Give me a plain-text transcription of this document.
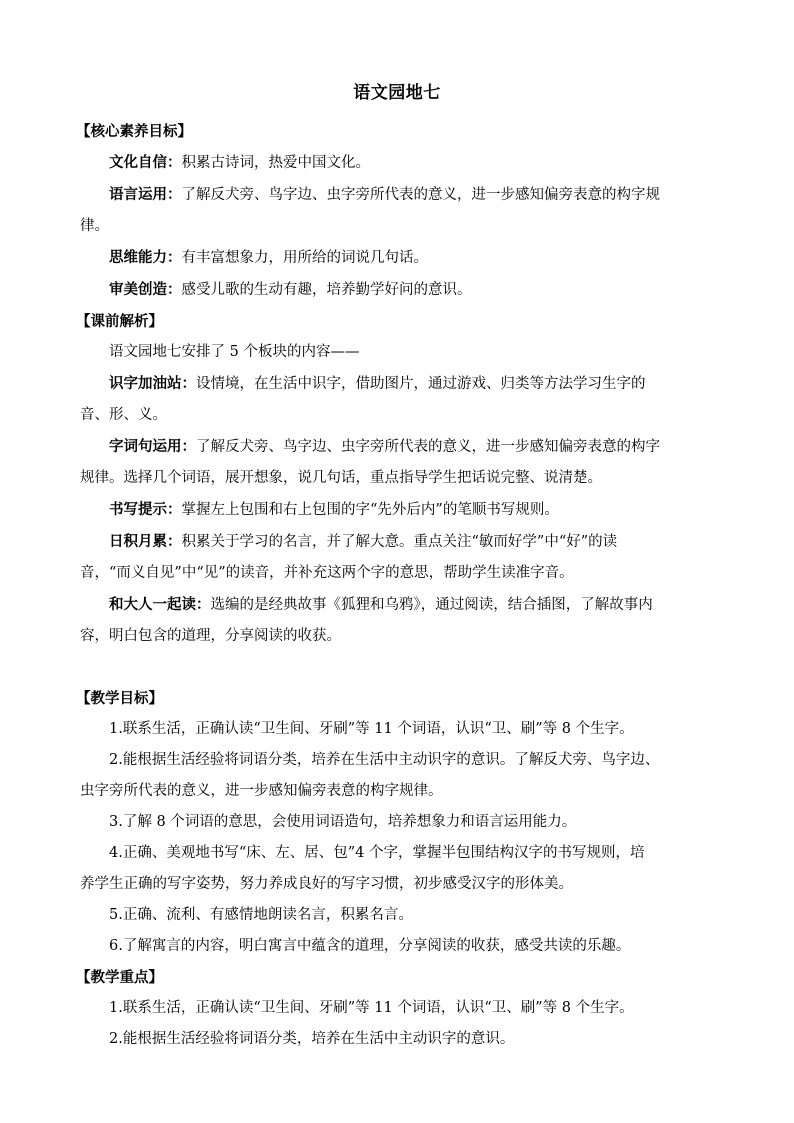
语文园地七

【核心素养目标】

文化自信：积累古诗词，热爱中国文化。

语言运用：了解反犬旁、鸟字边、虫字旁所代表的意义，进一步感知偏旁表意的构字规

律。

思维能力：有丰富想象力，用所给的词说几句话。

审美创造：感受儿歌的生动有趣，培养勤学好问的意识。

【课前解析】

语文园地七安排了 5 个板块的内容——

识字加油站：设情境，在生活中识字，借助图片，通过游戏、归类等方法学习生字的

音、形、义。

字词句运用：了解反犬旁、鸟字边、虫字旁所代表的意义，进一步感知偏旁表意的构字

规律。选择几个词语，展开想象，说几句话，重点指导学生把话说完整、说清楚。

书写提示：掌握左上包围和右上包围的字“先外后内”的笔顺书写规则。

日积月累：积累关于学习的名言，并了解大意。重点关注“敏而好学”中“好”的读

音，“而义自见”中“见”的读音，并补充这两个字的意思，帮助学生读准字音。

和大人一起读：选编的是经典故事《狐狸和乌鸦》，通过阅读，结合插图，了解故事内

容，明白包含的道理，分享阅读的收获。

【教学目标】

1.联系生活，正确认读“卫生间、牙刷”等 11 个词语，认识“卫、刷”等 8 个生字。

2.能根据生活经验将词语分类，培养在生活中主动识字的意识。了解反犬旁、鸟字边、

虫字旁所代表的意义，进一步感知偏旁表意的构字规律。

3.了解 8 个词语的意思，会使用词语造句，培养想象力和语言运用能力。

4.正确、美观地书写“床、左、居、包”4 个字，掌握半包围结构汉字的书写规则，培

养学生正确的写字姿势，努力养成良好的写字习惯，初步感受汉字的形体美。

5.正确、流利、有感情地朗读名言，积累名言。

6.了解寓言的内容，明白寓言中蕴含的道理，分享阅读的收获，感受共读的乐趣。

【教学重点】

1.联系生活，正确认读“卫生间、牙刷”等 11 个词语，认识“卫、刷”等 8 个生字。

2.能根据生活经验将词语分类，培养在生活中主动识字的意识。
